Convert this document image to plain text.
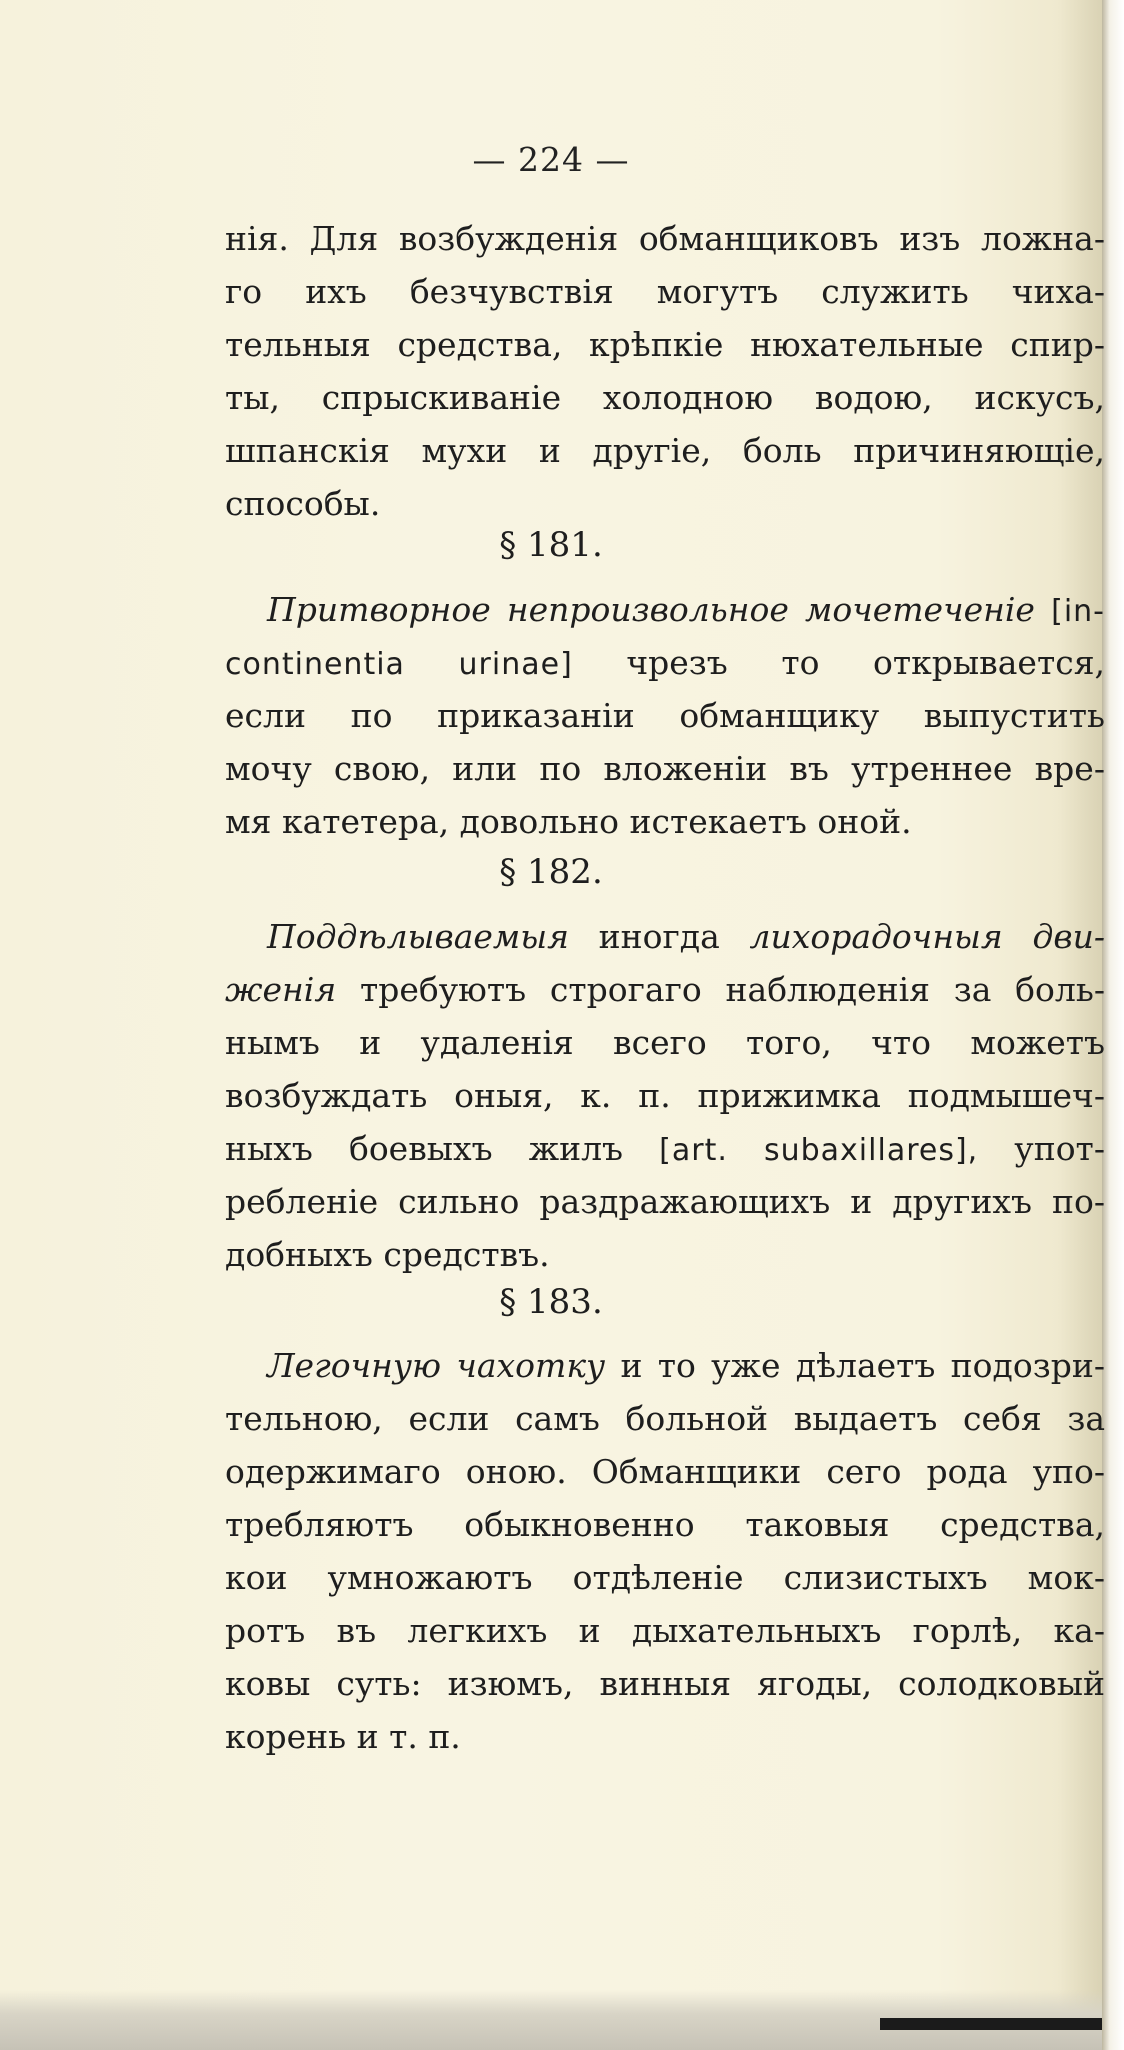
— 224 —
нія. Для возбужденія обманщиковъ изъ ложна-
го ихъ безчувствія могутъ служить чиха-
тельныя средства, крѣпкіе нюхательные спир-
ты, спрыскиваніе холодною водою, искусъ,
шпанскія мухи и другіе, боль причиняющіе,
способы.
§ 181.
Притворное непроизвольное мочетеченіе [in-
continentia urinae] чрезъ то открывается,
если по приказаніи обманщику выпустить
мочу свою, или по вложеніи въ утреннее вре-
мя катетера, довольно истекаетъ оной.
§ 182.
Поддѣлываемыя иногда лихорадочныя дви-
женія требуютъ строгаго наблюденія за боль-
нымъ и удаленія всего того, что можетъ
возбуждать оныя, к. п. прижимка подмышеч-
ныхъ боевыхъ жилъ [art. subaxillares], упот-
ребленіе сильно раздражающихъ и другихъ по-
добныхъ средствъ.
§ 183.
Легочную чахотку и то уже дѣлаетъ подозри-
тельною, если самъ больной выдаетъ себя за
одержимаго оною. Обманщики сего рода упо-
требляютъ обыкновенно таковыя средства,
кои умножаютъ отдѣленіе слизистыхъ мок-
ротъ въ легкихъ и дыхательныхъ горлѣ, ка-
ковы суть: изюмъ, винныя ягоды, солодковый
корень и т. п.
